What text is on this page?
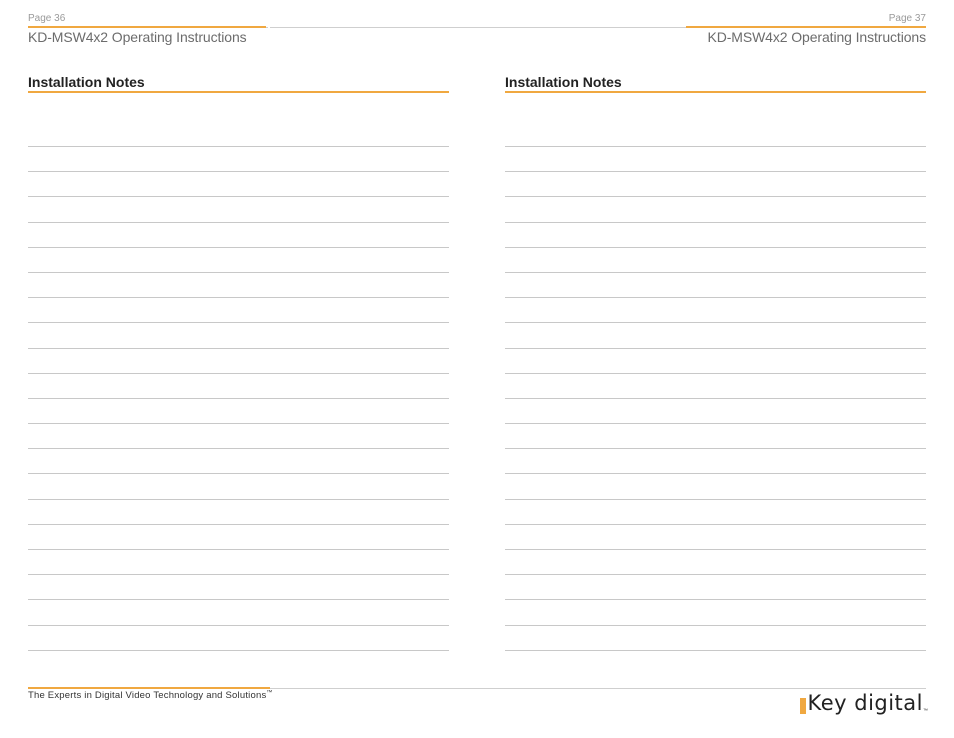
Page 36
KD-MSW4x2 Operating Instructions
Page 37
KD-MSW4x2 Operating Instructions
Installation Notes	Installation Notes
The Experts in Digital Video Technology and Solutions™	Key digital ™
